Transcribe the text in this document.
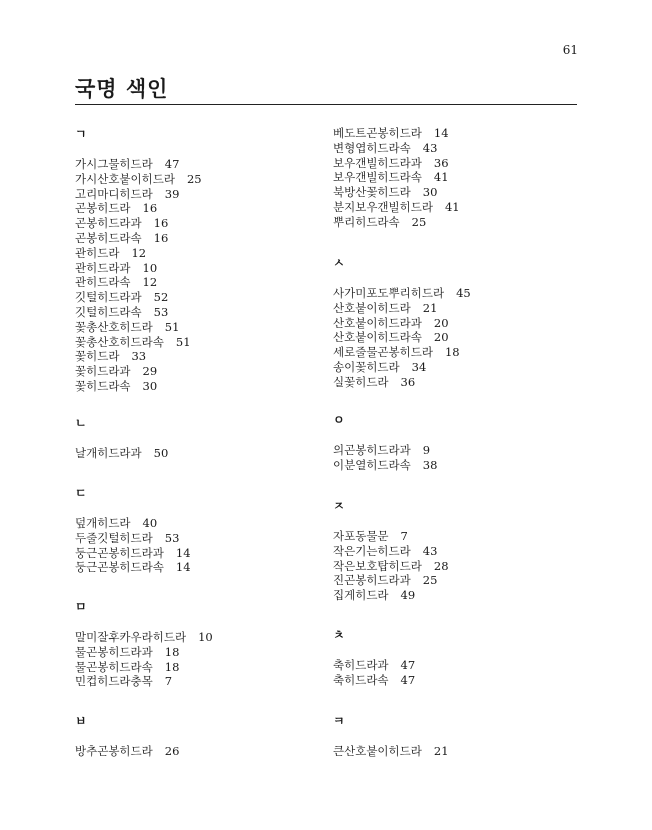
61
국명 색인
ㄱ
가시그물히드라 47
가시산호붙이히드라 25
고리마디히드라 39
곤봉히드라 16
곤봉히드라과 16
곤봉히드라속 16
관히드라 12
관히드라과 10
관히드라속 12
깃털히드라과 52
깃털히드라속 53
꽃총산호히드라 51
꽃총산호히드라속 51
꽃히드라 33
꽃히드라과 29
꽃히드라속 30
ㄴ
날개히드라과 50
ㄷ
덮개히드라 40
두줄깃털히드라 53
둥근곤봉히드라과 14
둥근곤봉히드라속 14
ㅁ
말미잘후카우라히드라 10
물곤봉히드라과 18
물곤봉히드라속 18
민컵히드라충목 7
ㅂ
방추곤봉히드라 26
베도트곤봉히드라 14
변형엽히드라속 43
보우갠빌히드라과 36
보우갠빌히드라속 41
북방산꽃히드라 30
분지보우갠빌히드라 41
뿌리히드라속 25
ㅅ
사가미포도뿌리히드라 45
산호붙이히드라 21
산호붙이히드라과 20
산호붙이히드라속 20
세로줄물곤봉히드라 18
송이꽃히드라 34
실꽃히드라 36
ㅇ
의곤봉히드라과 9
이분열히드라속 38
ㅈ
자포동물문 7
작은기는히드라 43
작은보호탑히드라 28
진곤봉히드라과 25
집게히드라 49
ㅊ
축히드라과 47
축히드라속 47
ㅋ
큰산호붙이히드라 21
